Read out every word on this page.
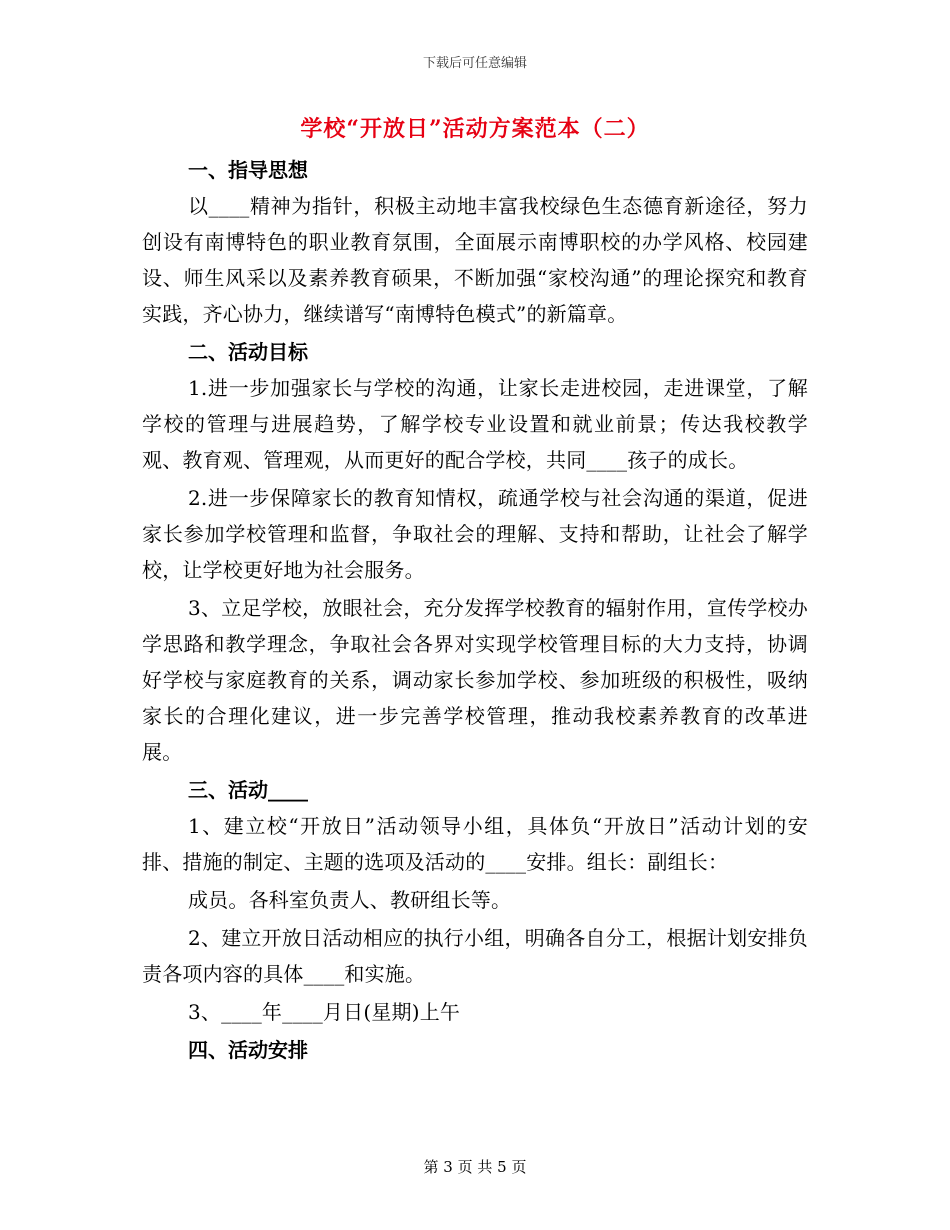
下载后可任意编辑
学校“开放日”活动方案范本（二）

一、指导思想

以____精神为指针，积极主动地丰富我校绿色生态德育新途径，努力创设有南博特色的职业教育氛围，全面展示南博职校的办学风格、校园建设、师生风采以及素养教育硕果，不断加强“家校沟通”的理论探究和教育实践，齐心协力，继续谱写“南博特色模式”的新篇章。

二、活动目标

1.进一步加强家长与学校的沟通，让家长走进校园，走进课堂，了解学校的管理与进展趋势，了解学校专业设置和就业前景；传达我校教学观、教育观、管理观，从而更好的配合学校，共同____孩子的成长。

2.进一步保障家长的教育知情权，疏通学校与社会沟通的渠道，促进家长参加学校管理和监督，争取社会的理解、支持和帮助，让社会了解学校，让学校更好地为社会服务。

3、立足学校，放眼社会，充分发挥学校教育的辐射作用，宣传学校办学思路和教学理念，争取社会各界对实现学校管理目标的大力支持，协调好学校与家庭教育的关系，调动家长参加学校、参加班级的积极性，吸纳家长的合理化建议，进一步完善学校管理，推动我校素养教育的改革进展。

三、活动____

1、建立校“开放日”活动领导小组，具体负“开放日”活动计划的安排、措施的制定、主题的选项及活动的____安排。组长：副组长：

成员。各科室负责人、教研组长等。

2、建立开放日活动相应的执行小组，明确各自分工，根据计划安排负责各项内容的具体____和实施。

3、____年____月日(星期)上午

四、活动安排

第 3 页 共 5 页
